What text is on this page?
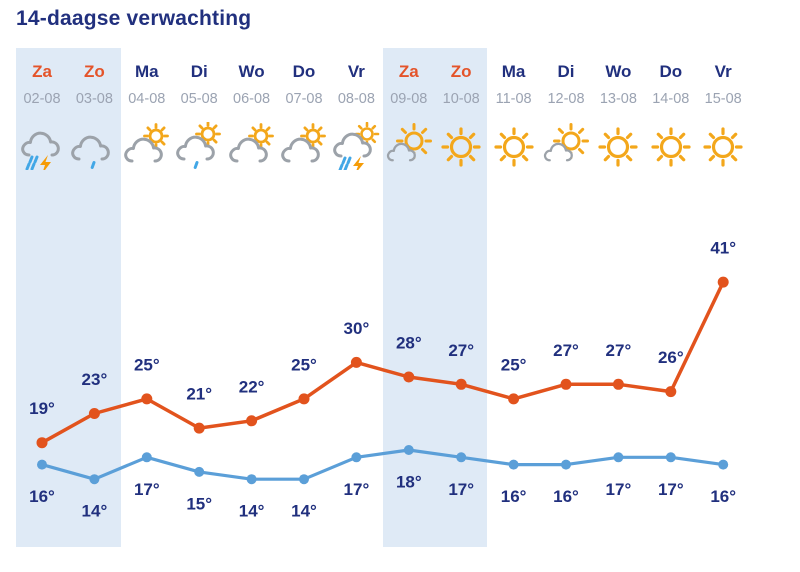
14-daagse verwachting
Za
02-08
Zo
03-08
Ma
04-08
Di
05-08
Wo
06-08
Do
07-08
Vr
08-08
Za
09-08
Zo
10-08
Ma
11-08
Di
12-08
Wo
13-08
Do
14-08
Vr
15-08
19°
23°
25°
21° 22°
25°
30°
28° 27°
25°
27° 27° 26°
41°
16°
14°
17°
15° 14° 14°
17° 18° 17° 16° 16° 17° 17° 16°
